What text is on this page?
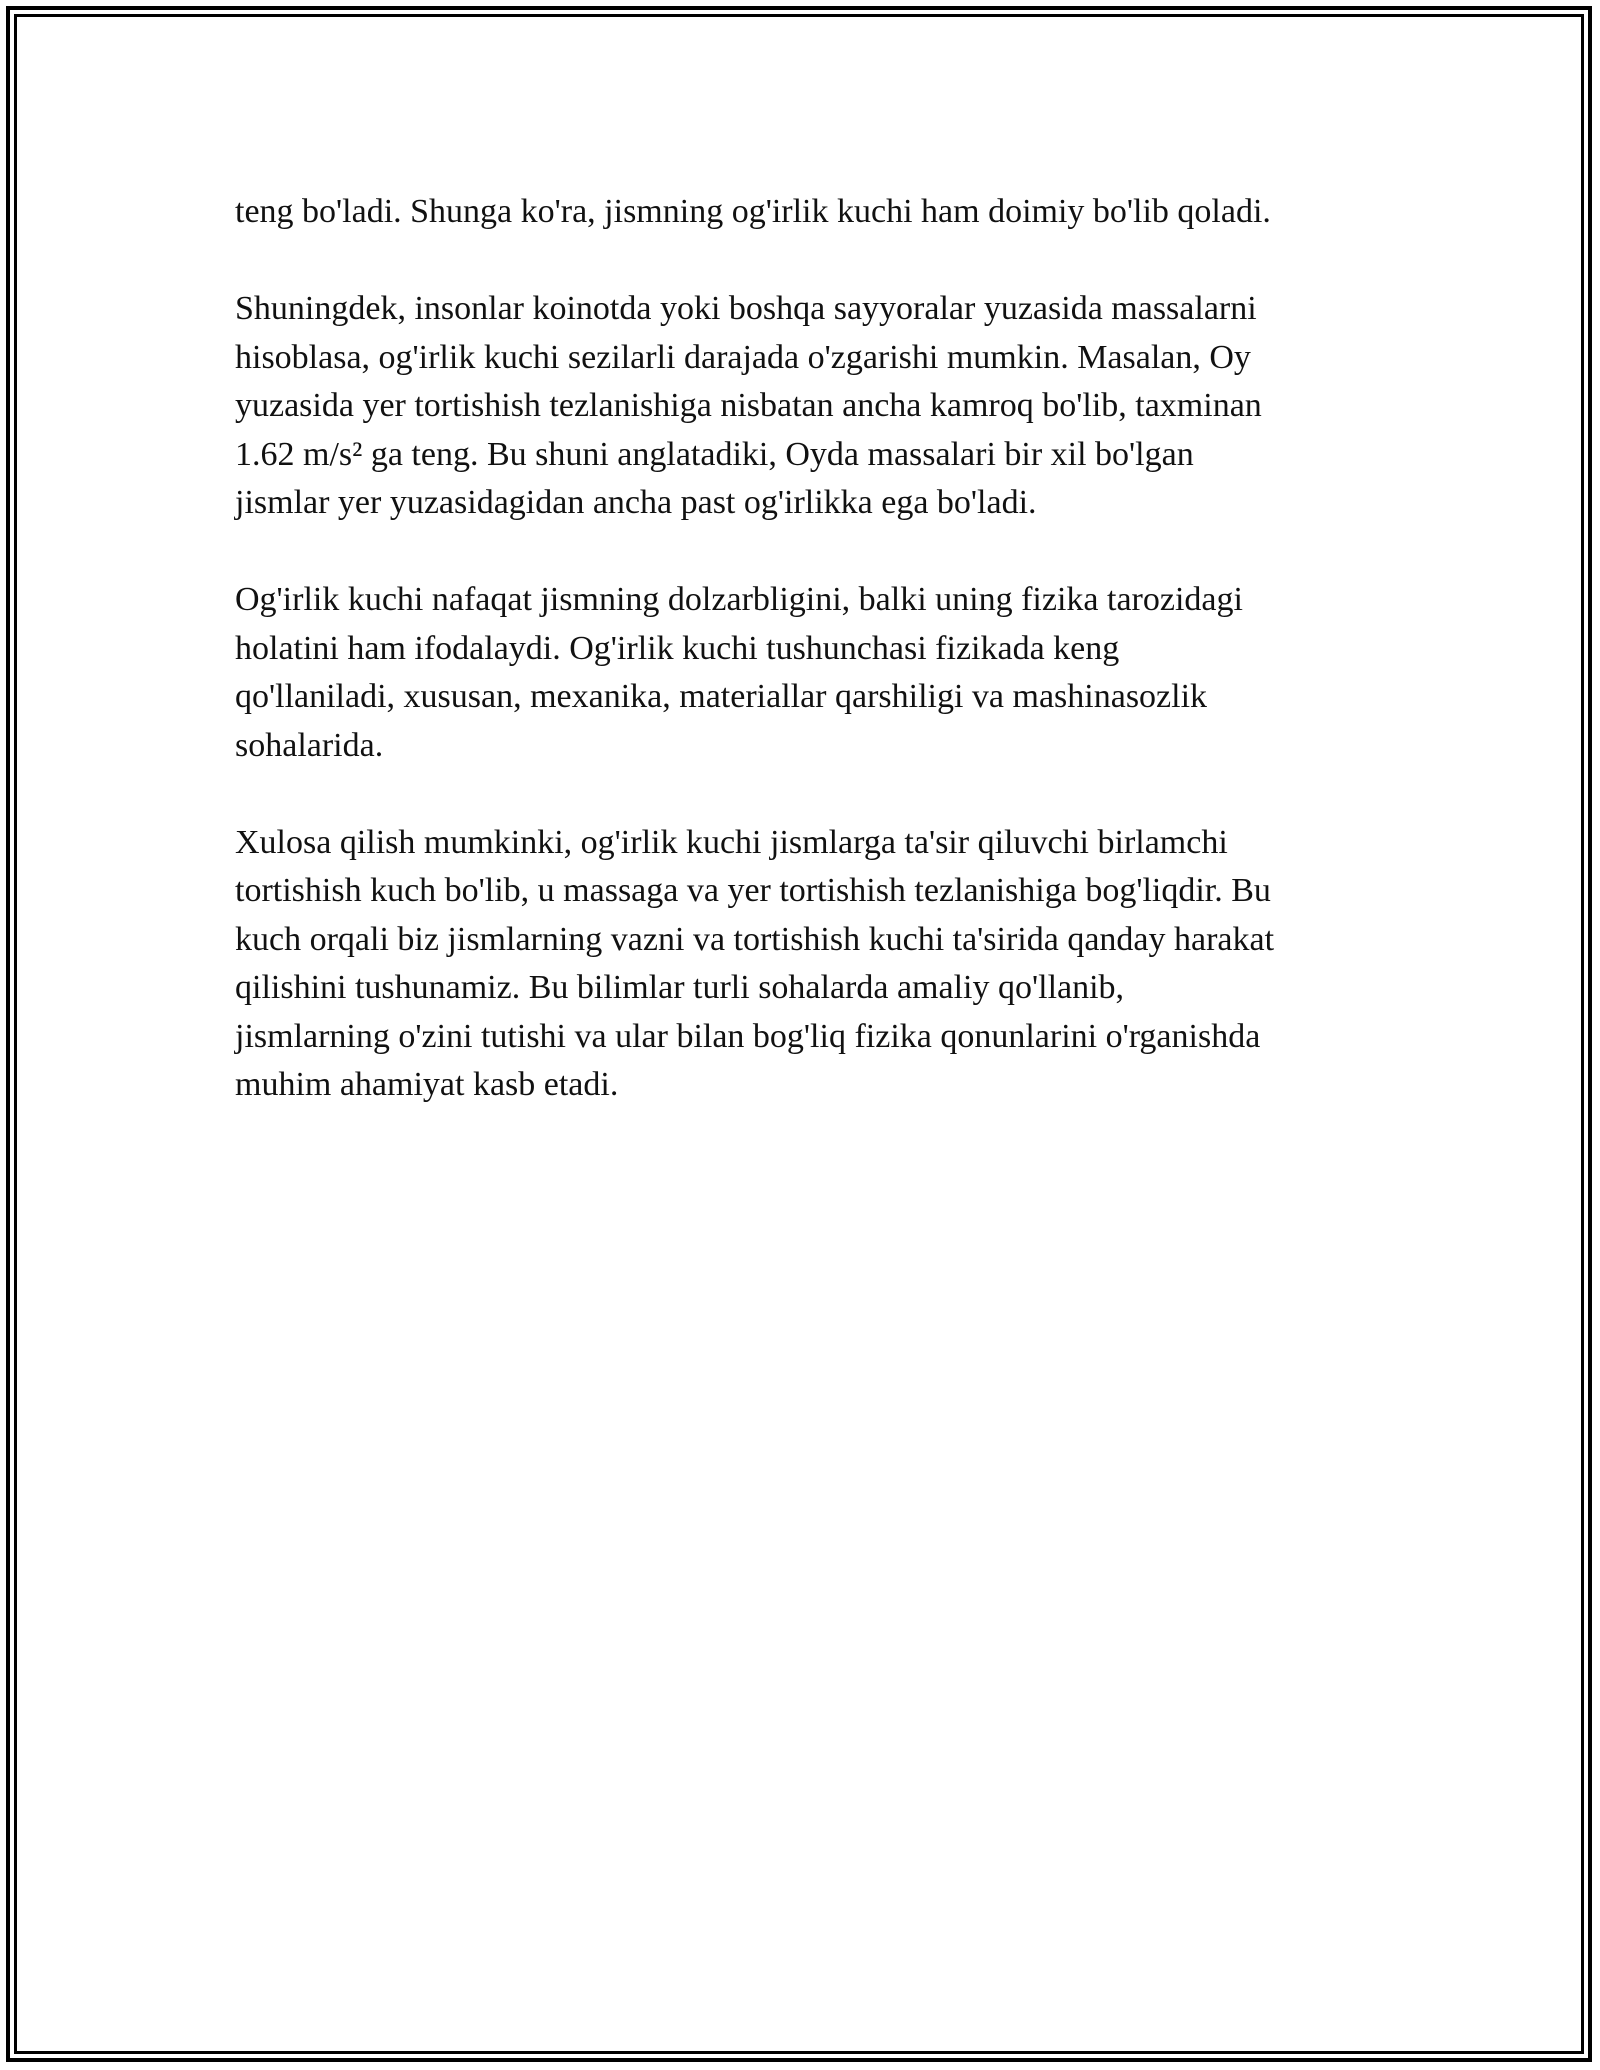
teng bo'ladi. Shunga ko'ra, jismning og'irlik kuchi ham doimiy bo'lib qoladi.

Shuningdek, insonlar koinotda yoki boshqa sayyoralar yuzasida massalarni
hisoblasa, og'irlik kuchi sezilarli darajada o'zgarishi mumkin. Masalan, Oy
yuzasida yer tortishish tezlanishiga nisbatan ancha kamroq bo'lib, taxminan
1.62 m/s² ga teng. Bu shuni anglatadiki, Oyda massalari bir xil bo'lgan
jismlar yer yuzasidagidan ancha past og'irlikka ega bo'ladi.

Og'irlik kuchi nafaqat jismning dolzarbligini, balki uning fizika tarozidagi
holatini ham ifodalaydi. Og'irlik kuchi tushunchasi fizikada keng
qo'llaniladi, xususan, mexanika, materiallar qarshiligi va mashinasozlik
sohalarida.

Xulosa qilish mumkinki, og'irlik kuchi jismlarga ta'sir qiluvchi birlamchi
tortishish kuch bo'lib, u massaga va yer tortishish tezlanishiga bog'liqdir. Bu
kuch orqali biz jismlarning vazni va tortishish kuchi ta'sirida qanday harakat
qilishini tushunamiz. Bu bilimlar turli sohalarda amaliy qo'llanib,
jismlarning o'zini tutishi va ular bilan bog'liq fizika qonunlarini o'rganishda
muhim ahamiyat kasb etadi.
